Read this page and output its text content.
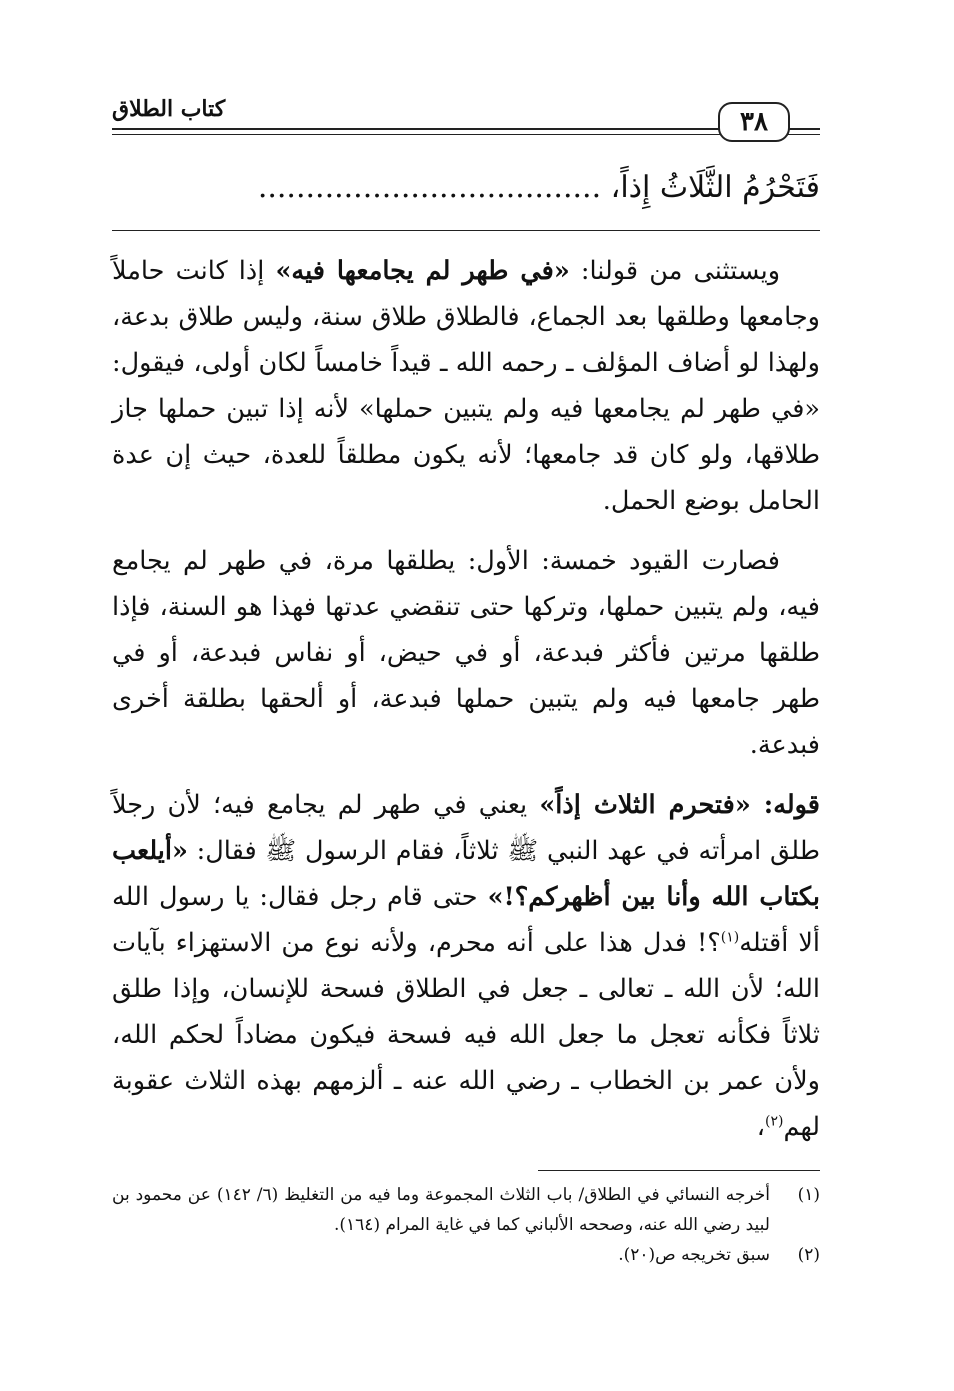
٣٨
كتاب الطلاق
فَتَحْرُمُ الثَّلَاثُ إِذاً، ....................................

ويستثنى من قولنا: «في طهر لم يجامعها فيه» إذا كانت حاملاً وجامعها وطلقها بعد الجماع، فالطلاق طلاق سنة، وليس طلاق بدعة، ولهذا لو أضاف المؤلف ـ رحمه الله ـ قيداً خامساً لكان أولى، فيقول: «في طهر لم يجامعها فيه ولم يتبين حملها» لأنه إذا تبين حملها جاز طلاقها، ولو كان قد جامعها؛ لأنه يكون مطلقاً للعدة، حيث إن عدة الحامل بوضع الحمل.

فصارت القيود خمسة: الأول: يطلقها مرة، في طهر لم يجامع فيه، ولم يتبين حملها، وتركها حتى تنقضي عدتها فهذا هو السنة، فإذا طلقها مرتين فأكثر فبدعة، أو في حيض، أو نفاس فبدعة، أو في طهر جامعها فيه ولم يتبين حملها فبدعة، أو ألحقها بطلقة أخرى فبدعة.

قوله: «فتحرم الثلاث إذاً» يعني في طهر لم يجامع فيه؛ لأن رجلاً طلق امرأته في عهد النبي ﷺ ثلاثاً، فقام الرسول ﷺ فقال: «أيلعب بكتاب الله وأنا بين أظهركم؟!» حتى قام رجل فقال: يا رسول الله ألا أقتله$^{(١)}$؟! فدل هذا على أنه محرم، ولأنه نوع من الاستهزاء بآيات الله؛ لأن الله ـ تعالى ـ جعل في الطلاق فسحة للإنسان، وإذا طلق ثلاثاً فكأنه تعجل ما جعل الله فيه فسحة فيكون مضاداً لحكم الله، ولأن عمر بن الخطاب ـ رضي الله عنه ـ ألزمهم بهذه الثلاث عقوبة لهم$^{(٢)}$،

(١)
أخرجه النسائي في الطلاق/ باب الثلاث المجموعة وما فيه من التغليظ (٦/ ١٤٢) عن محمود بن لبيد رضي الله عنه، وصححه الألباني كما في غاية المرام (١٦٤).
(٢)
سبق تخريجه ص(٢٠).
